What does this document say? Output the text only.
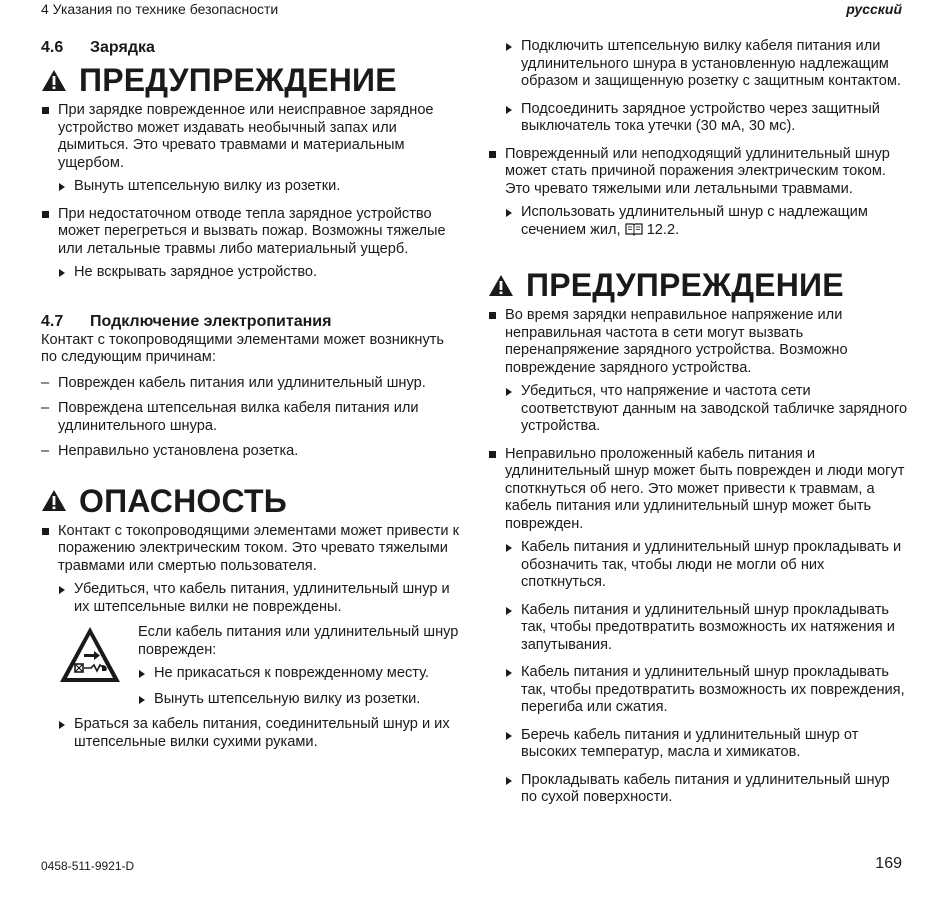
4 Указания по технике безопасности	русский
4.6 Зарядка
ПРЕДУПРЕЖДЕНИЕ
При зарядке поврежденное или неисправное зарядное устройство может издавать необычный запах или дымиться. Это чревато травмами и материальным ущербом.
Вынуть штепсельную вилку из розетки.
При недостаточном отводе тепла зарядное устройство может перегреться и вызвать пожар. Возможны тяжелые или летальные травмы либо материальный ущерб.
Не вскрывать зарядное устройство.
4.7 Подключение электропитания

Контакт с токопроводящими элементами может возникнуть по следующим причинам:

– Поврежден кабель питания или удлинительный шнур.
– Повреждена штепсельная вилка кабеля питания или удлинительного шнура.
– Неправильно установлена розетка.
ОПАСНОСТЬ
Контакт с токопроводящими элементами может привести к поражению электрическим током. Это чревато тяжелыми травмами или смертью пользователя.
Убедиться, что кабель питания, удлинительный шнур и их штепсельные вилки не повреждены.

Если кабель питания или удлинительный шнур поврежден:

Не прикасаться к поврежденному месту.
Вынуть штепсельную вилку из розетки.
Браться за кабель питания, соединительный шнур и их штепсельные вилки сухими руками.
Подключить штепсельную вилку кабеля питания или удлинительного шнура в установленную надлежащим образом и защищенную розетку с защитным контактом.
Подсоединить зарядное устройство через защитный выключатель тока утечки (30 мА, 30 мс).
Поврежденный или неподходящий удлинительный шнур может стать причиной поражения электрическим током. Это чревато тяжелыми или летальными травмами.
Использовать удлинительный шнур с надлежащим сечением жил, 12.2.
ПРЕДУПРЕЖДЕНИЕ
Во время зарядки неправильное напряжение или неправильная частота в сети могут вызвать перенапряжение зарядного устройства. Возможно повреждение зарядного устройства.
Убедиться, что напряжение и частота сети соответствуют данным на заводской табличке зарядного устройства.
Неправильно проложенный кабель питания и удлинительный шнур может быть поврежден и люди могут споткнуться об него. Это может привести к травмам, а кабель питания или удлинительный шнур может быть поврежден.
Кабель питания и удлинительный шнур прокладывать и обозначить так, чтобы люди не могли об них споткнуться.
Кабель питания и удлинительный шнур прокладывать так, чтобы предотвратить возможность их натяжения и запутывания.
Кабель питания и удлинительный шнур прокладывать так, чтобы предотвратить возможность их повреждения, перегиба или сжатия.
Беречь кабель питания и удлинительный шнур от высоких температур, масла и химикатов.
Прокладывать кабель питания и удлинительный шнур по сухой поверхности.
0458-511-9921-D	169
